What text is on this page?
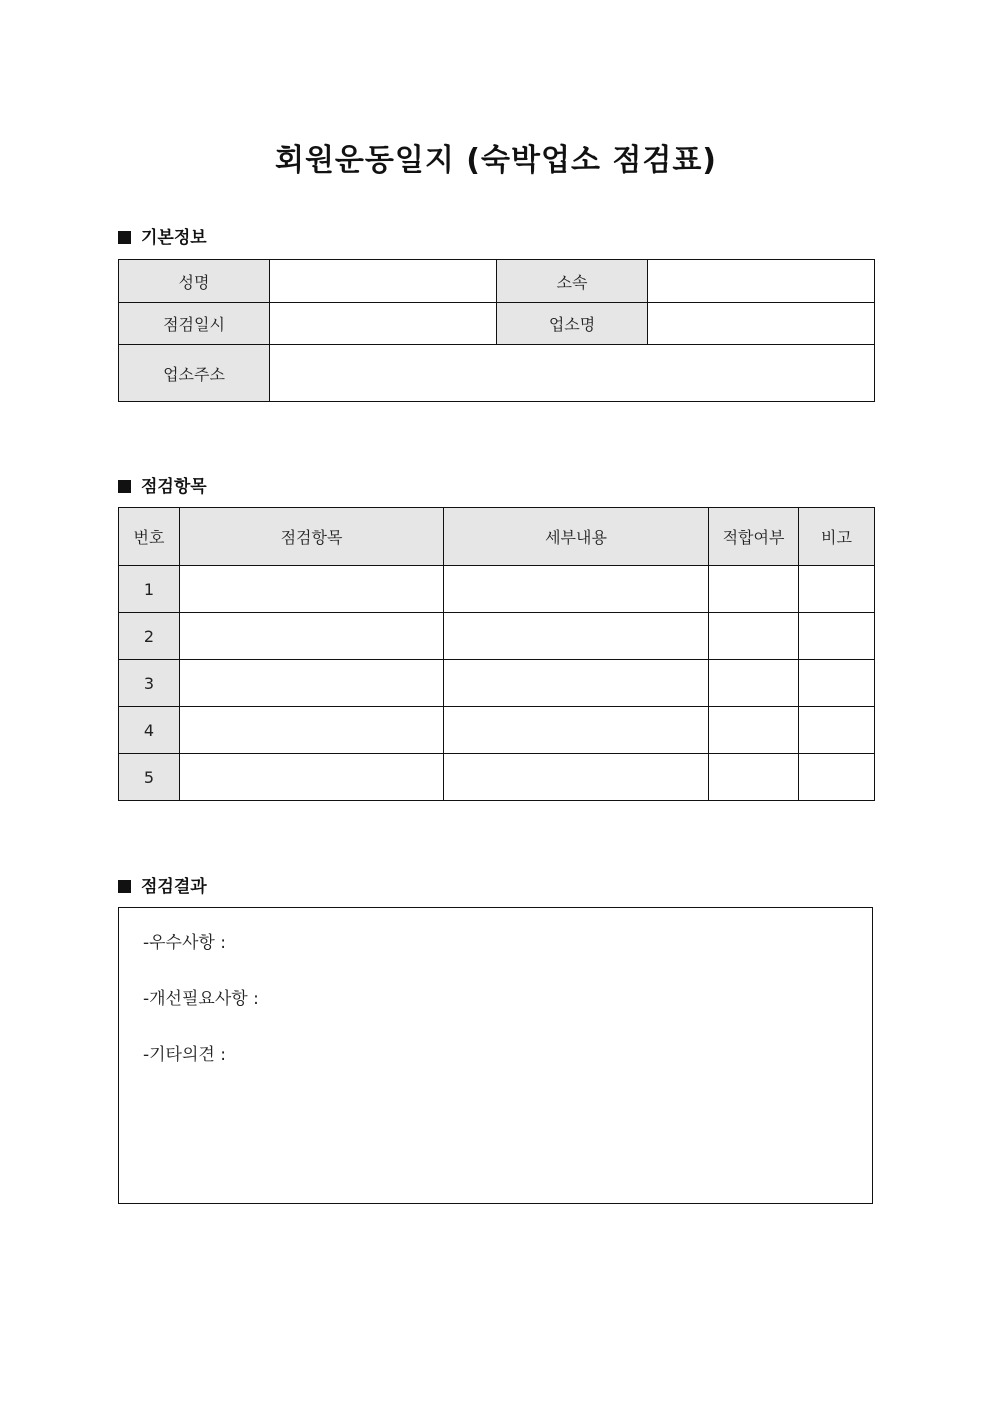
회원운동일지 (숙박업소 점검표)
기본정보
성명		소속	
점검일시		업소명	
업소주소			
점검항목
번호	점검항목	세부내용	적합여부	비고
1				
2				
3				
4				
5				
점검결과
-우수사항 :
-개선필요사항 :
-기타의견 :
